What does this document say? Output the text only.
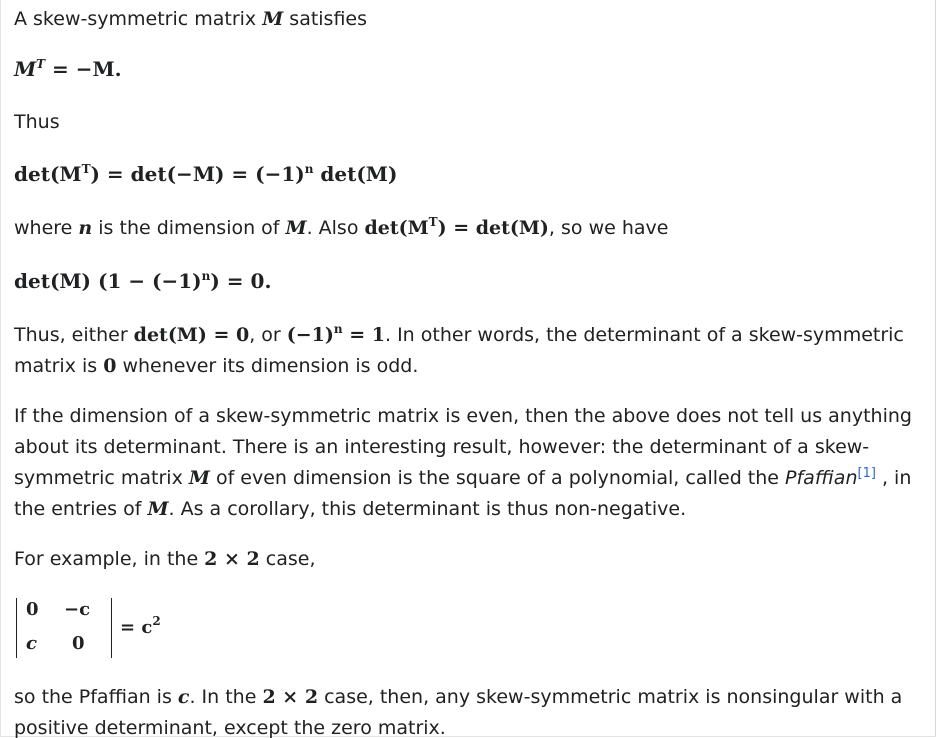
A skew-symmetric matrix M satisfies

$M^T = -M$.

Thus

$\det(M^T) = \det(-M) = (-1)^n$ det(M)

where n is the dimension of M. Also $\det(M^T) = \det(M)$, so we have

det(M) $(1 - (-1)^n) = 0$.

Thus, either det(M) = 0, or $(-1)^n = 1$. In other words, the determinant of a skew-symmetric

matrix is 0 whenever its dimension is odd.

If the dimension of a skew-symmetric matrix is even, then the above does not tell us anything

about its determinant. There is an interesting result, however: the determinant of a skew-

symmetric matrix M of even dimension is the square of a polynomial, called the Pfaffian[1] , in

the entries of M. As a corollary, this determinant is thus non-negative.

For example, in the 2 × 2 case,

0 −c
c 0
= $c^2$

so the Pfaffian is c. In the 2 × 2 case, then, any skew-symmetric matrix is nonsingular with a

positive determinant, except the zero matrix.
